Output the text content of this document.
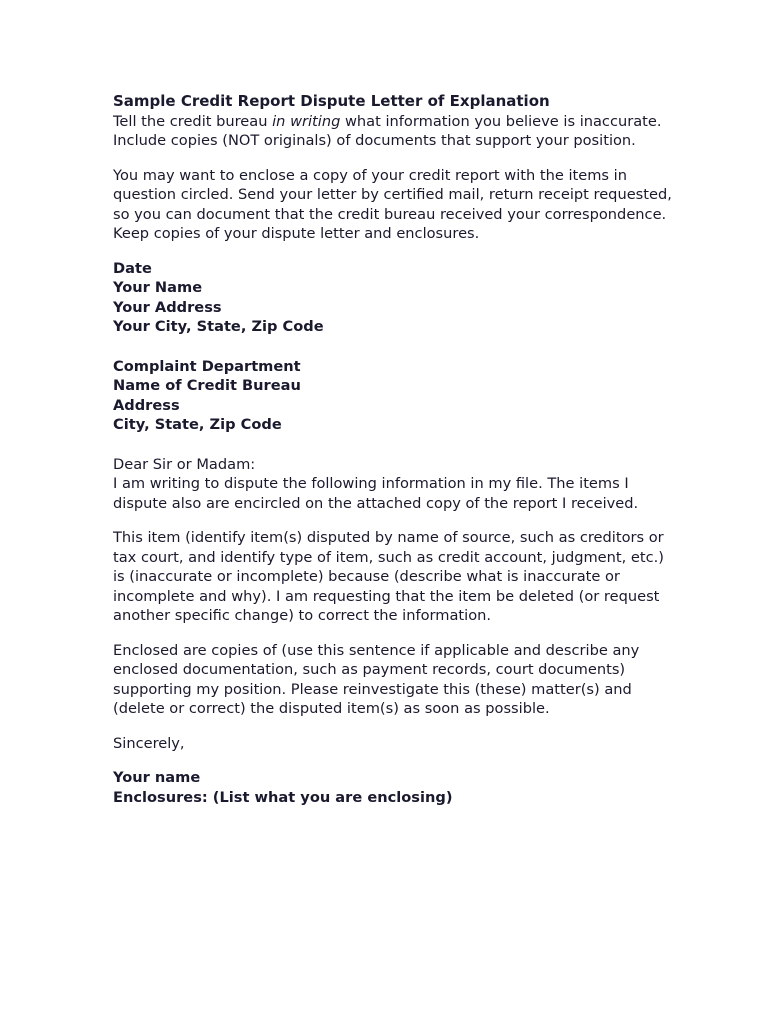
Sample Credit Report Dispute Letter of Explanation

Tell the credit bureau in writing what information you believe is inaccurate. Include copies (NOT originals) of documents that support your position.

You may want to enclose a copy of your credit report with the items in question circled. Send your letter by certified mail, return receipt requested, so you can document that the credit bureau received your correspondence. Keep copies of your dispute letter and enclosures.

Date
Your Name
Your Address
Your City, State, Zip Code
Complaint Department
Name of Credit Bureau
Address
City, State, Zip Code
Dear Sir or Madam:
I am writing to dispute the following information in my file. The items I dispute also are encircled on the attached copy of the report I received.

This item (identify item(s) disputed by name of source, such as creditors or tax court, and identify type of item, such as credit account, judgment, etc.) is (inaccurate or incomplete) because (describe what is inaccurate or incomplete and why). I am requesting that the item be deleted (or request another specific change) to correct the information.

Enclosed are copies of (use this sentence if applicable and describe any enclosed documentation, such as payment records, court documents) supporting my position. Please reinvestigate this (these) matter(s) and (delete or correct) the disputed item(s) as soon as possible.

Sincerely,

Your name
Enclosures: (List what you are enclosing)
